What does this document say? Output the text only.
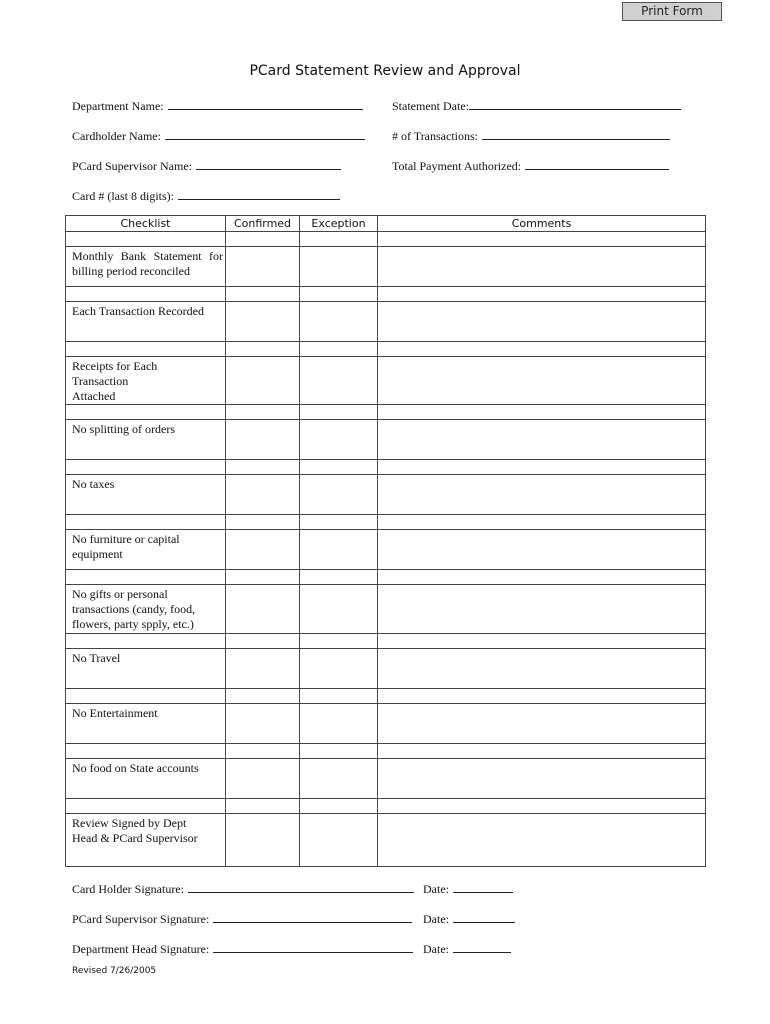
Print Form
PCard Statement Review and Approval
Department Name:	Statement Date:
Cardholder Name:	# of Transactions:
PCard Supervisor Name:	Total Payment Authorized:
Card # (last 8 digits):
Checklist	Confirmed	Exception	Comments

Monthly Bank Statement for billing period reconciled			

Each Transaction Recorded			

Receipts for Each Transaction Attached			

No splitting of orders			

No taxes			

No furniture or capital equipment			

No gifts or personal transactions (candy, food, flowers, party spply, etc.)			

No Travel			

No Entertainment			

No food on State accounts			

Review Signed by Dept Head & PCard Supervisor			
Card Holder Signature:	Date:
PCard Supervisor Signature:	Date:
Department Head Signature:	Date:
Revised 7/26/2005
